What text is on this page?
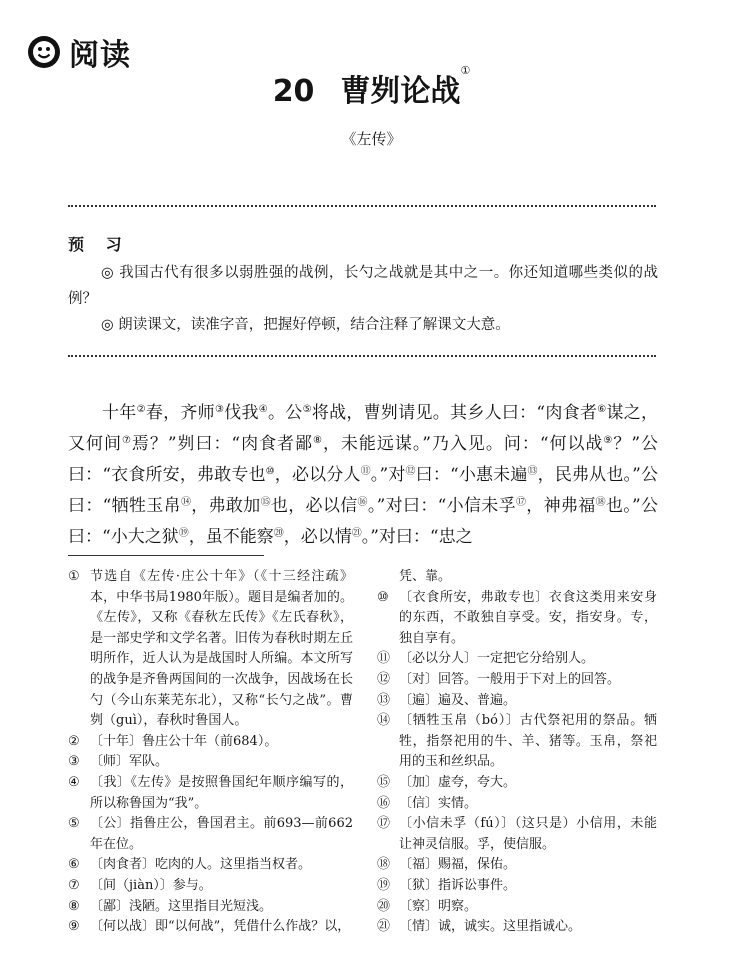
阅读
20 曹刿论战①
《左传》
预 习

◎ 我国古代有很多以弱胜强的战例，长勺之战就是其中之一。你还知道哪些类似的战例？

◎ 朗读课文，读准字音，把握好停顿，结合注释了解课文大意。

十年②春，齐师③伐我④。公⑤将战，曹刿请见。其乡人曰：“肉食者⑥谋之，又何间⑦焉？”刿曰：“肉食者鄙⑧，未能远谋。”乃入见。问：“何以战⑨？”公曰：“衣食所安，弗敢专也⑩，必以分人⑪。”对⑫曰：“小惠未遍⑬，民弗从也。”公曰：“牺牲玉帛⑭，弗敢加⑮也，必以信⑯。”对曰：“小信未孚⑰，神弗福⑱也。”公曰：“小大之狱⑲，虽不能察⑳，必以情$^㉑$。”对曰：“忠之

① 节选自《左传·庄公十年》（《十三经注疏》本，中华书局1980年版）。题目是编者加的。《左传》，又称《春秋左氏传》《左氏春秋》，是一部史学和文学名著。旧传为春秋时期左丘明所作，近人认为是战国时人所编。本文所写的战争是齐鲁两国间的一次战争，因战场在长勺（今山东莱芜东北），又称“长勺之战”。曹刿（guì），春秋时鲁国人。
② 〔十年〕鲁庄公十年（前684）。
③ 〔师〕军队。
④ 〔我〕《左传》是按照鲁国纪年顺序编写的，所以称鲁国为“我”。
⑤ 〔公〕指鲁庄公，鲁国君主。前693—前662年在位。
⑥ 〔肉食者〕吃肉的人。这里指当权者。
⑦ 〔间（jiàn）〕参与。
⑧ 〔鄙〕浅陋。这里指目光短浅。
⑨ 〔何以战〕即“以何战”，凭借什么作战？以，
凭、靠。
⑩ 〔衣食所安，弗敢专也〕衣食这类用来安身的东西，不敢独自享受。安，指安身。专，独自享有。
⑪ 〔必以分人〕一定把它分给别人。
⑫ 〔对〕回答。一般用于下对上的回答。
⑬ 〔遍〕遍及、普遍。
⑭ 〔牺牲玉帛（bó）〕古代祭祀用的祭品。牺牲，指祭祀用的牛、羊、猪等。玉帛，祭祀用的玉和丝织品。
⑮ 〔加〕虚夸，夸大。
⑯ 〔信〕实情。
⑰ 〔小信未孚（fú）〕（这只是）小信用，未能让神灵信服。孚，使信服。
⑱ 〔福〕赐福，保佑。
⑲ 〔狱〕指诉讼事件。
⑳ 〔察〕明察。
㉑ 〔情〕诚，诚实。这里指诚心。
